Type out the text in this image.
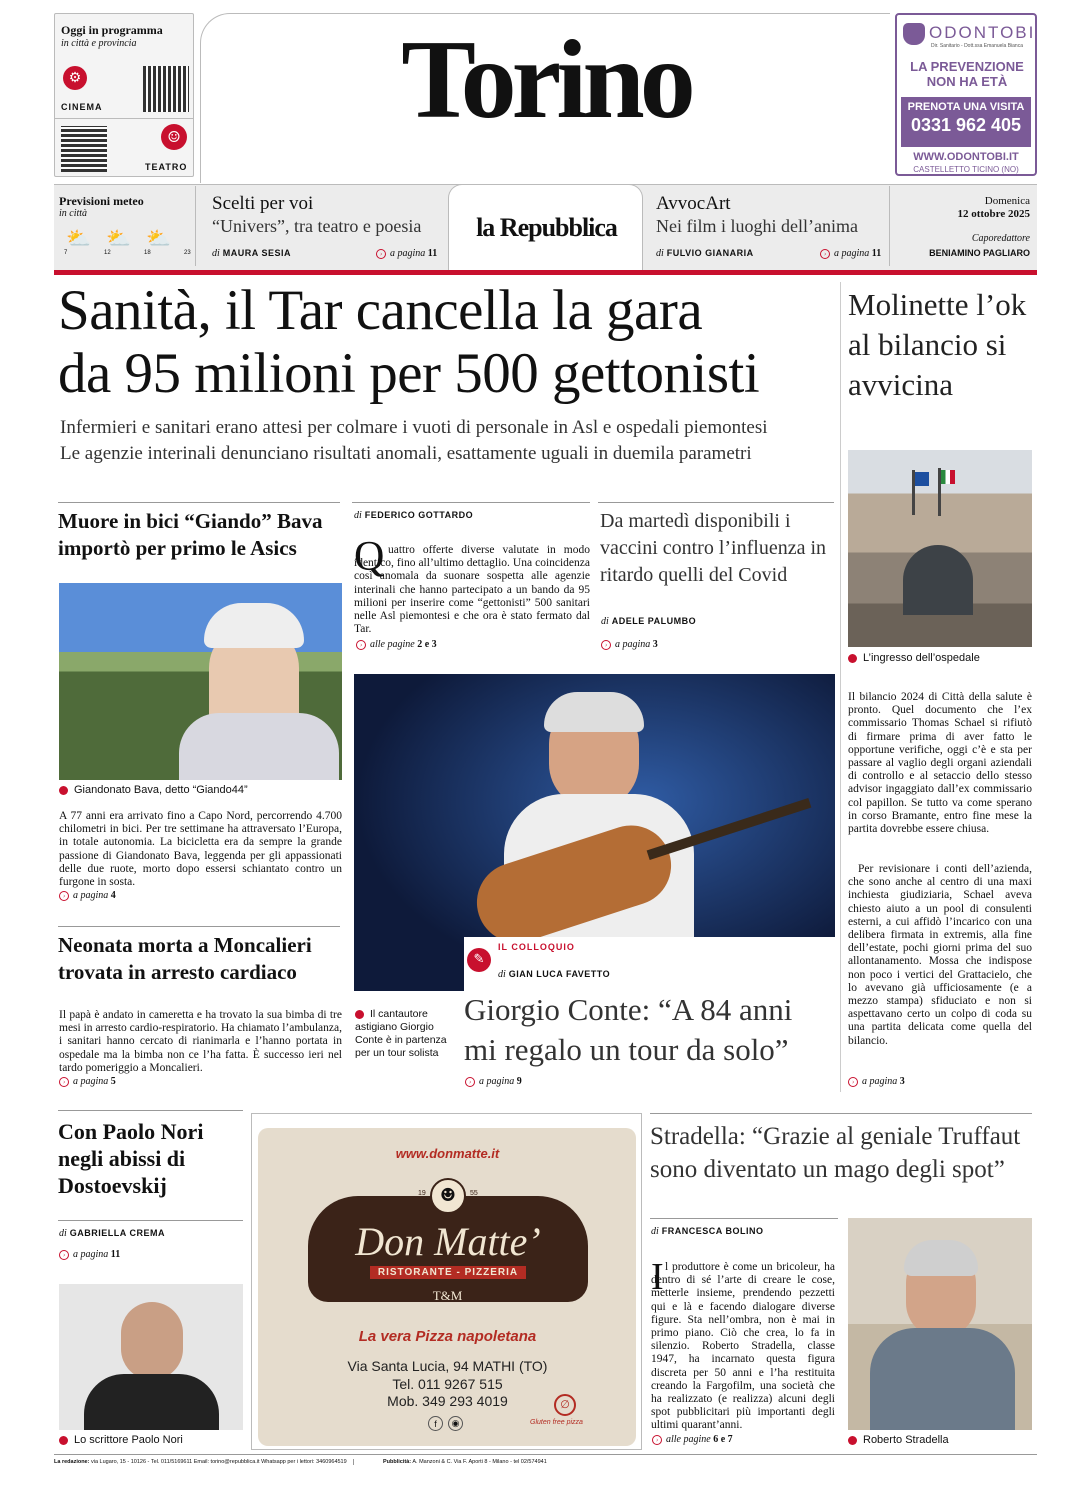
Oggi in programma
in città e provincia
⚙
CINEMA
☺
TEATRO
Torino	ODONTOBI
Dir. Sanitario - Dott.ssa Emanuela Bianca
LA PREVENZIONE NON HA ETÀ
PRENOTA UNA VISITA
0331 962 405
WWW.ODONTOBI.IT
CASTELLETTO TICINO (NO)
Previsioni meteo
in città
⛅ ⛅ ⛅
7	12	18	23
Scelti per voi
“Univers”, tra teatro e poesia
di MAURA SESIA	› a pagina 11
la Repubblica
AvvocArt
Nei film i luoghi dell’anima
di FULVIO GIANARIA	› a pagina 11
Domenica
12 ottobre 2025
Caporedattore
BENIAMINO PAGLIARO
Sanità, il Tar cancella la gara
da 95 milioni per 500 gettonisti
Infermieri e sanitari erano attesi per colmare i vuoti di personale in Asl e ospedali piemontesi
Le agenzie interinali denunciano risultati anomali, esattamente uguali in duemila parametri
Molinette l’ok al bilancio si avvicina
L’ingresso dell’ospedale
Il bilancio 2024 di Città della salute è pronto. Quel documento che l’ex commissario Thomas Schael si rifiutò di firmare prima di aver fatto le opportune verifiche, oggi c’è e sta per passare al vaglio degli organi aziendali di controllo e al setaccio dello stesso advisor ingaggiato dall’ex commissario col papillon. Se tutto va come sperano in corso Bramante, entro fine mese la partita dovrebbe essere chiusa.
Per revisionare i conti dell’azienda, che sono anche al centro di una maxi inchiesta giudiziaria, Schael aveva chiesto aiuto a un pool di consulenti esterni, a cui affidò l’incarico con una delibera firmata in extremis, alla fine dell’estate, pochi giorni prima del suo allontanamento. Mossa che indispose non poco i vertici del Grattacielo, che lo avevano già ufficiosamente (e a mezzo stampa) sfiduciato e non si aspettavano certo un colpo di coda su una partita delicata come quella del bilancio.
› a pagina 3
Muore in bici “Giando” Bava importò per primo le Asics
Giandonato Bava, detto “Giando44”
A 77 anni era arrivato fino a Capo Nord, percorrendo 4.700 chilometri in bici. Per tre settimane ha attraversato l’Europa, in totale autonomia. La bicicletta era da sempre la grande passione di Giandonato Bava, leggenda per gli appassionati delle due ruote, morto dopo essersi schiantato contro un furgone in sosta.
› a pagina 4
di FEDERICO GOTTARDO
Q uattro offerte diverse valutate in modo identico, fino all’ultimo dettaglio. Una coincidenza così anomala da suonare sospetta alle agenzie interinali che hanno partecipato a un bando da 95 milioni per inserire come “gettonisti” 500 sanitari nelle Asl piemontesi e che ora è stato fermato dal Tar.
› alle pagine 2 e 3
Da martedì disponibili i vaccini contro l’influenza in ritardo quelli del Covid
di ADELE PALUMBO
› a pagina 3
✎
IL COLLOQUIO
di GIAN LUCA FAVETTO
Giorgio Conte: “A 84 anni mi regalo un tour da solo”
› a pagina 9
Il cantautore astigiano Giorgio Conte è in partenza per un tour solista
Neonata morta a Moncalieri trovata in arresto cardiaco
Il papà è andato in cameretta e ha trovato la sua bimba di tre mesi in arresto cardio-respiratorio. Ha chiamato l’ambulanza, i sanitari hanno cercato di rianimarla e l’hanno portata in ospedale ma la bimba non ce l’ha fatta. È successo ieri nel tardo pomeriggio a Moncalieri.
› a pagina 5
Con Paolo Nori negli abissi di Dostoevskij
di GABRIELLA CREMA
› a pagina 11
Lo scrittore Paolo Nori
www.donmatte.it
☻
19	55
Don Matte’
RISTORANTE - PIZZERIA
T&M
La vera Pizza napoletana
Via Santa Lucia, 94 MATHI (TO)
Tel. 011 9267 515
Mob. 349 293 4019
f	◉
∅
Gluten free pizza
Stradella: “Grazie al geniale Truffaut sono diventato un mago degli spot”
di FRANCESCA BOLINO
I l produttore è come un bricoleur, ha dentro di sé l’arte di creare le cose, metterle insieme, prendendo pezzetti qui e là e facendo dialogare diverse figure. Sta nell’ombra, non è mai in primo piano. Ciò che crea, lo fa in silenzio. Roberto Stradella, classe 1947, ha incarnato questa figura discreta per 50 anni e l’ha restituita creando la Fargofilm, una società che ha realizzato (e realizza) alcuni degli spot pubblicitari più importanti degli ultimi quarant’anni.
› alle pagine 6 e 7	Roberto Stradella
La redazione: via Lugaro, 15 - 10126 - Tel. 011/5169611 Email: torino@repubblica.it Whatsapp per i lettori: 3460964519	Pubblicità: A. Manzoni & C. Via F. Aporti 8 - Milano - tel 02/574941
